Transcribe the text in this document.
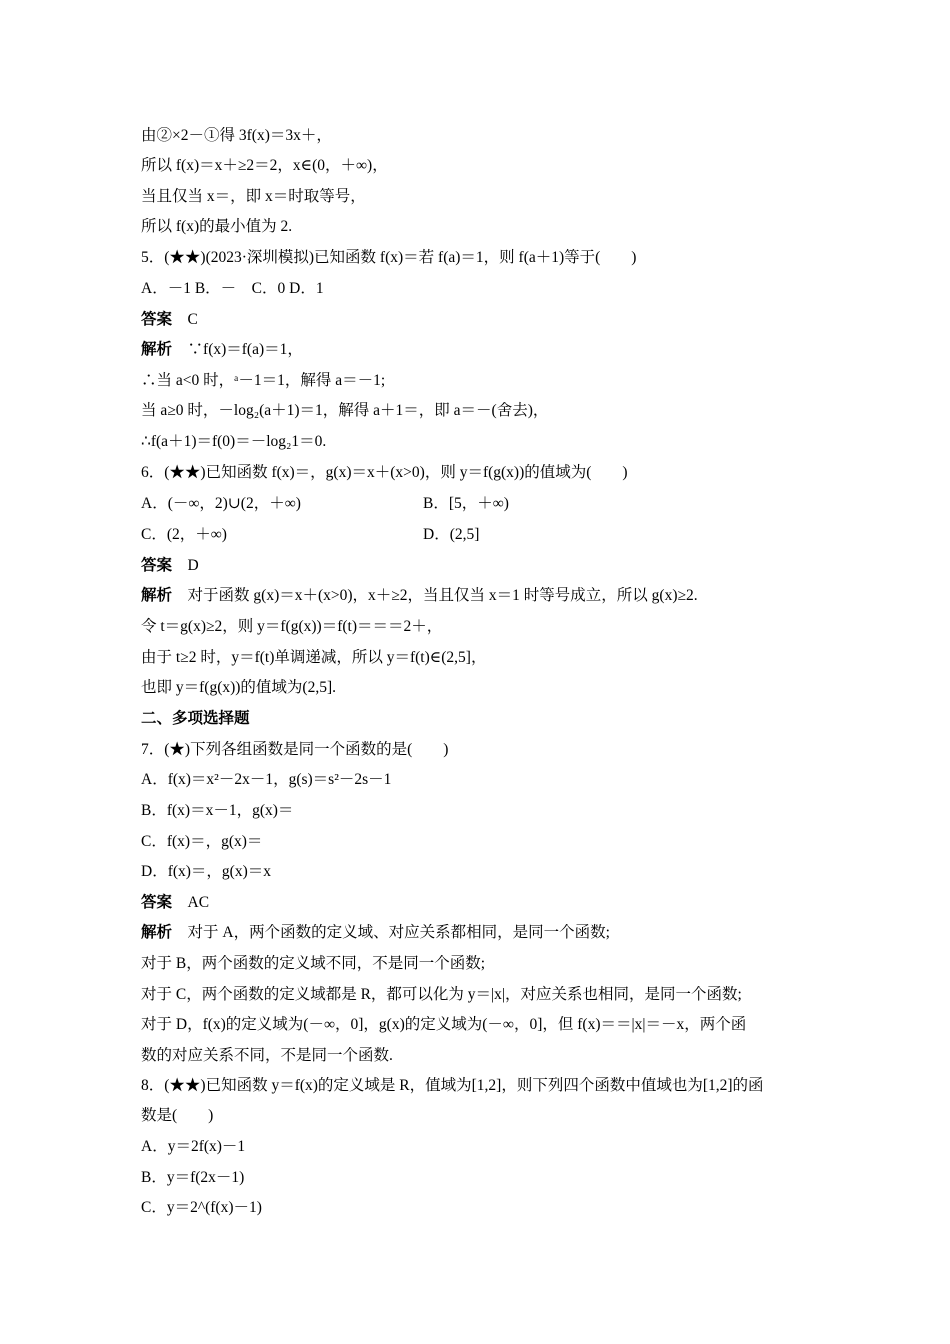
由②×2－①得 3f(x)＝3x＋，
所以 f(x)＝x＋≥2＝2，x∈(0，＋∞)，
当且仅当 x＝，即 x＝时取等号，
所以 f(x)的最小值为 2.
5．(★★)(2023·深圳模拟)已知函数 f(x)＝若 f(a)＝1，则 f(a＋1)等于(　　)
A．－1 B．－　C．0 D．1
答案　 C
解析　 ∵f(x)＝f(a)＝1，
∴当 a<0 时，ᵃ－1＝1，解得 a＝－1;
当 a≥0 时，－log₂(a＋1)＝1，解得 a＋1＝，即 a＝－(舍去)，
∴f(a＋1)＝f(0)＝－log₂1＝0.
6．(★★)已知函数 f(x)＝，g(x)＝x＋(x>0)，则 y＝f(g(x))的值域为(　　)
A．(－∞，2)∪(2，＋∞)	B．[5，＋∞)
C．(2，＋∞)	D．(2,5]
答案　 D
解析　 对于函数 g(x)＝x＋(x>0)，x＋≥2，当且仅当 x＝1 时等号成立，所以 g(x)≥2.
令 t＝g(x)≥2，则 y＝f(g(x))＝f(t)＝＝＝2＋，
由于 t≥2 时，y＝f(t)单调递减，所以 y＝f(t)∈(2,5]，
也即 y＝f(g(x))的值域为(2,5].
二、多项选择题
7．(★)下列各组函数是同一个函数的是(　　)
A．f(x)＝x²－2x－1，g(s)＝s²－2s－1
B．f(x)＝x－1，g(x)＝
C．f(x)＝，g(x)＝
D．f(x)＝，g(x)＝x
答案　 AC
解析　 对于 A，两个函数的定义域、对应关系都相同，是同一个函数;
对于 B，两个函数的定义域不同，不是同一个函数;
对于 C，两个函数的定义域都是 R，都可以化为 y＝|x|，对应关系也相同，是同一个函数;
对于 D，f(x)的定义域为(－∞，0]，g(x)的定义域为(－∞，0]，但 f(x)＝＝|x|＝－x，两个函
数的对应关系不同，不是同一个函数.
8．(★★)已知函数 y＝f(x)的定义域是 R，值域为[1,2]，则下列四个函数中值域也为[1,2]的函
数是(　　)
A．y＝2f(x)－1
B．y＝f(2x－1)
C．y＝2^(f(x)－1)
